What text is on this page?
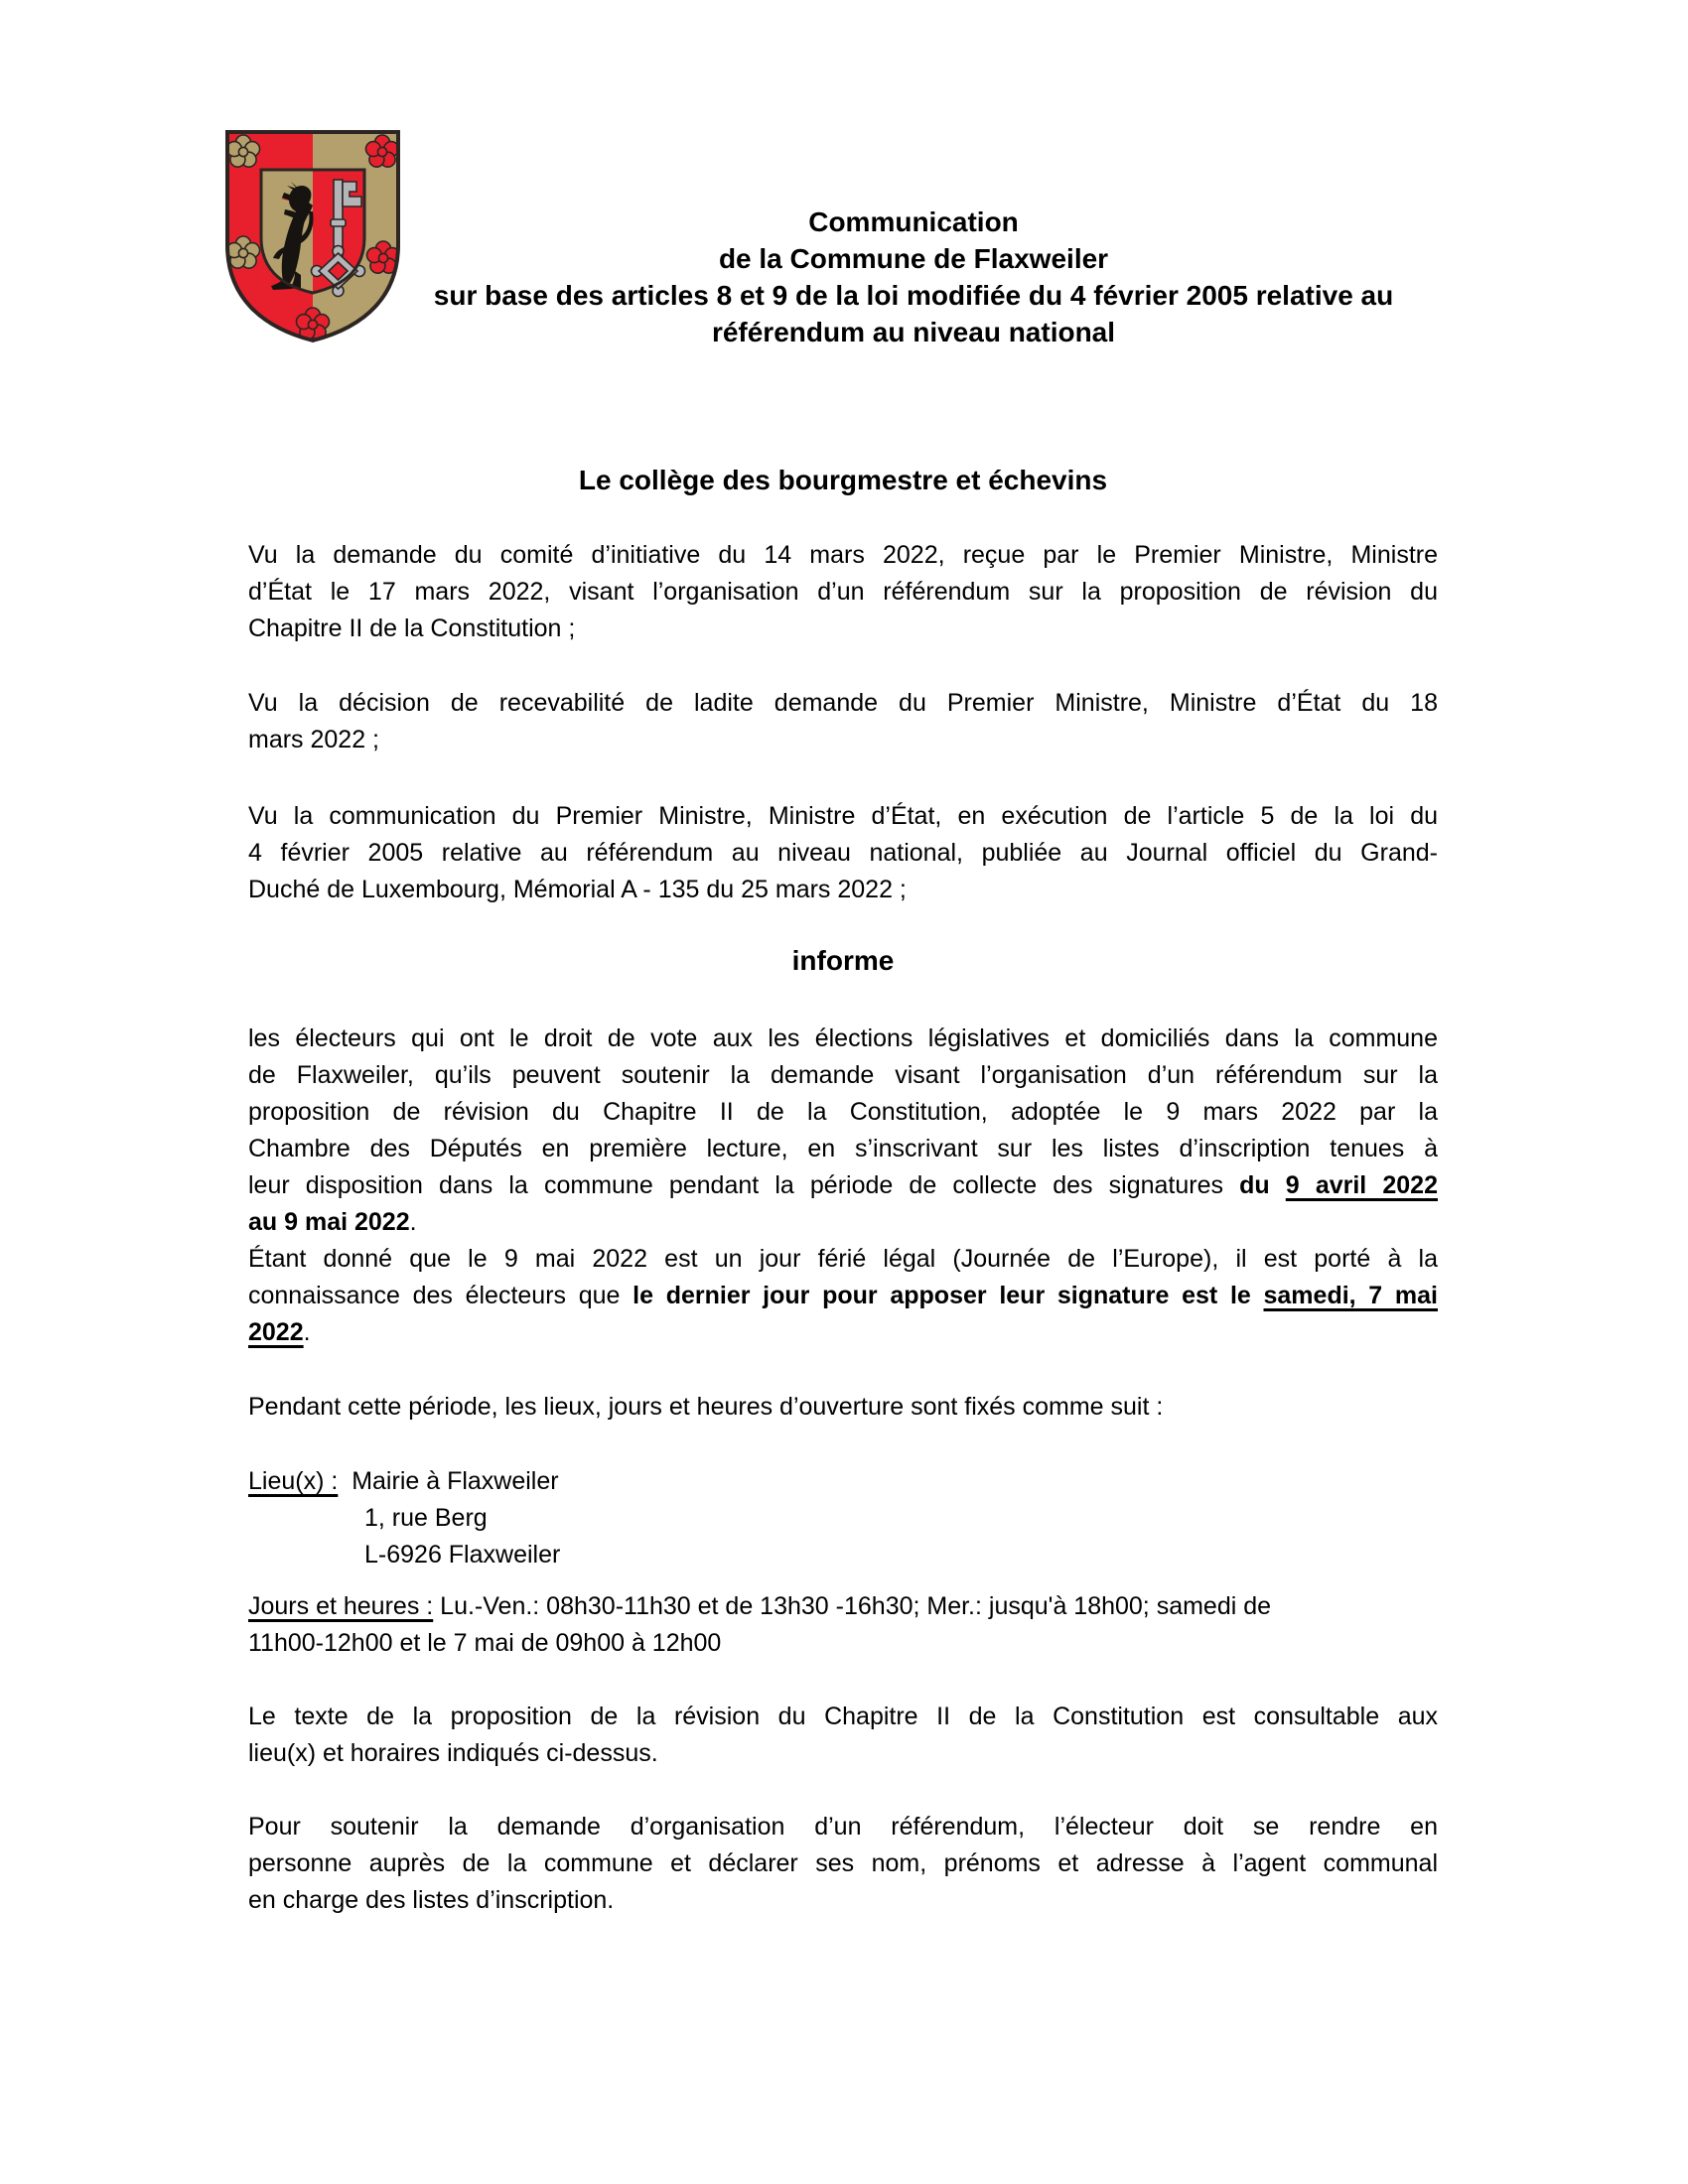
Communication
de la Commune de Flaxweiler
sur base des articles 8 et 9 de la loi modifiée du 4 février 2005 relative au
référendum au niveau national
Le collège des bourgmestre et échevins
informe
Vu la demande du comité d’initiative du 14 mars 2022, reçue par le Premier Ministre, Ministre
d’État le 17 mars 2022, visant l’organisation d’un référendum sur la proposition de révision du
Chapitre II de la Constitution ;
Vu la décision de recevabilité de ladite demande du Premier Ministre, Ministre d’État du 18
mars 2022 ;
Vu la communication du Premier Ministre, Ministre d’État, en exécution de l’article 5 de la loi du
4 février 2005 relative au référendum au niveau national, publiée au Journal officiel du Grand-
Duché de Luxembourg, Mémorial A - 135 du 25 mars 2022 ;
les électeurs qui ont le droit de vote aux les élections législatives et domiciliés dans la commune
de Flaxweiler, qu’ils peuvent soutenir la demande visant l’organisation d’un référendum sur la
proposition de révision du Chapitre II de la Constitution, adoptée le 9 mars 2022 par la
Chambre des Députés en première lecture, en s’inscrivant sur les listes d’inscription tenues à
leur disposition dans la commune pendant la période de collecte des signatures du 9 avril 2022
au 9 mai 2022.
Étant donné que le 9 mai 2022 est un jour férié légal (Journée de l’Europe), il est porté à la
connaissance des électeurs que le dernier jour pour apposer leur signature est le samedi, 7 mai
2022.
Pendant cette période, les lieux, jours et heures d’ouverture sont fixés comme suit :
Lieu(x) :  Mairie à Flaxweiler
1, rue Berg
L-6926 Flaxweiler
Jours et heures : Lu.-Ven.: 08h30-11h30 et de 13h30 -16h30; Mer.: jusqu'à 18h00; samedi de
11h00-12h00 et le 7 mai de 09h00 à 12h00
Le texte de la proposition de la révision du Chapitre II de la Constitution est consultable aux
lieu(x) et horaires indiqués ci-dessus.
Pour soutenir la demande d’organisation d’un référendum, l’électeur doit se rendre en
personne auprès de la commune et déclarer ses nom, prénoms et adresse à l’agent communal
en charge des listes d’inscription.
